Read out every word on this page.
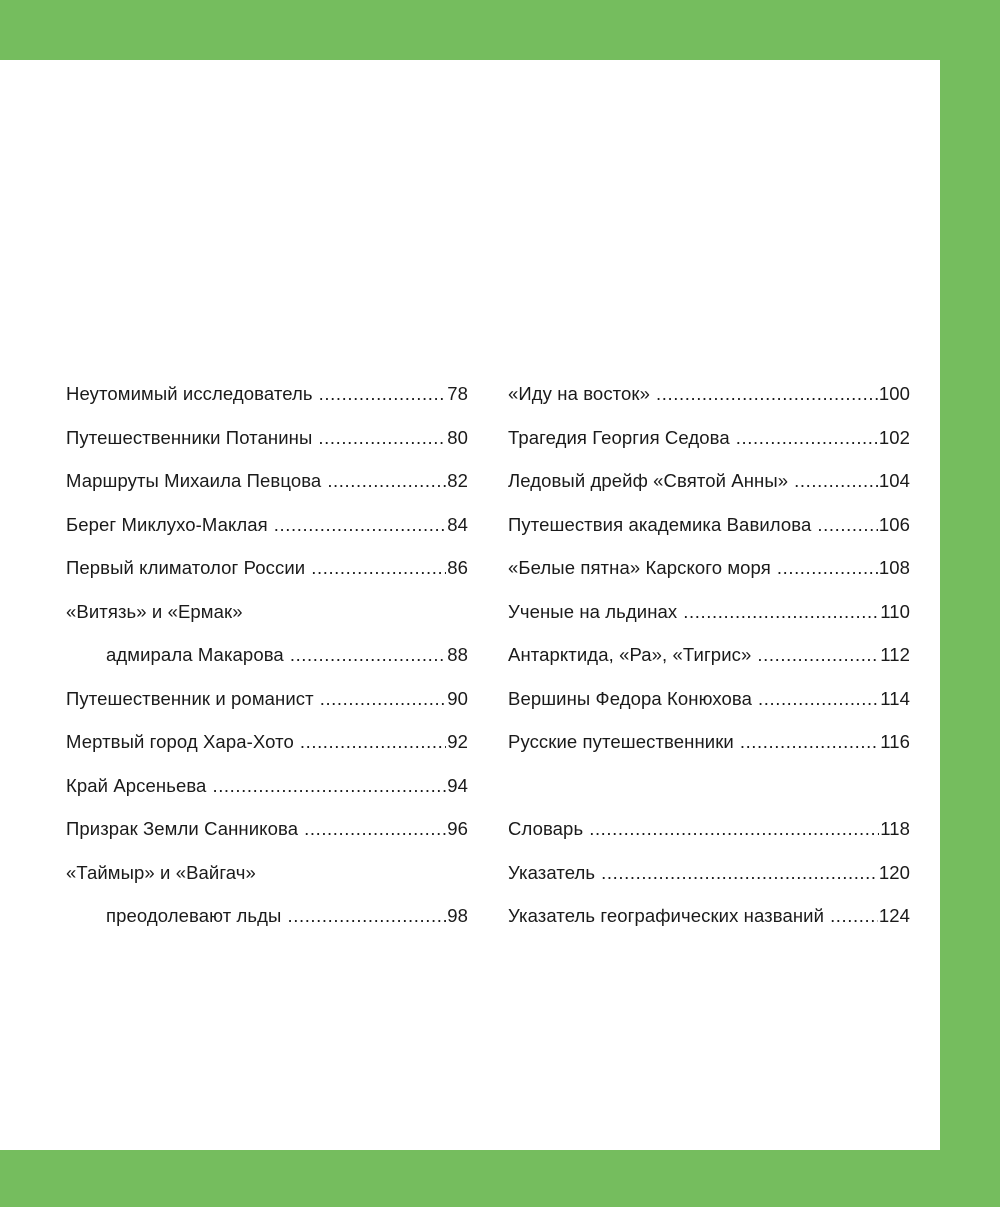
Неутомимый исследователь .....	78
Путешественники Потанины .....	80
Маршруты Михаила Певцова .....	82
Берег Миклухо-Маклая .....	84
Первый климатолог России .....	86
«Витязь» и «Ермак»
адмирала Макарова .....	88
Путешественник и романист .....	90
Мертвый город Хара-Хото .....	92
Край Арсеньева .....	94
Призрак Земли Санникова .....	96
«Таймыр» и «Вайгач»
преодолевают льды .....	98
«Иду на восток» .....	100
Трагедия Георгия Седова .....	102
Ледовый дрейф «Святой Анны» .....	104
Путешествия академика Вавилова .....	106
«Белые пятна» Карского моря .....	108
Ученые на льдинах .....	110
Антарктида, «Ра», «Тигрис» .....	112
Вершины Федора Конюхова .....	114
Русские путешественники .....	116
Словарь .....	118
Указатель .....	120
Указатель географических названий .....	124
